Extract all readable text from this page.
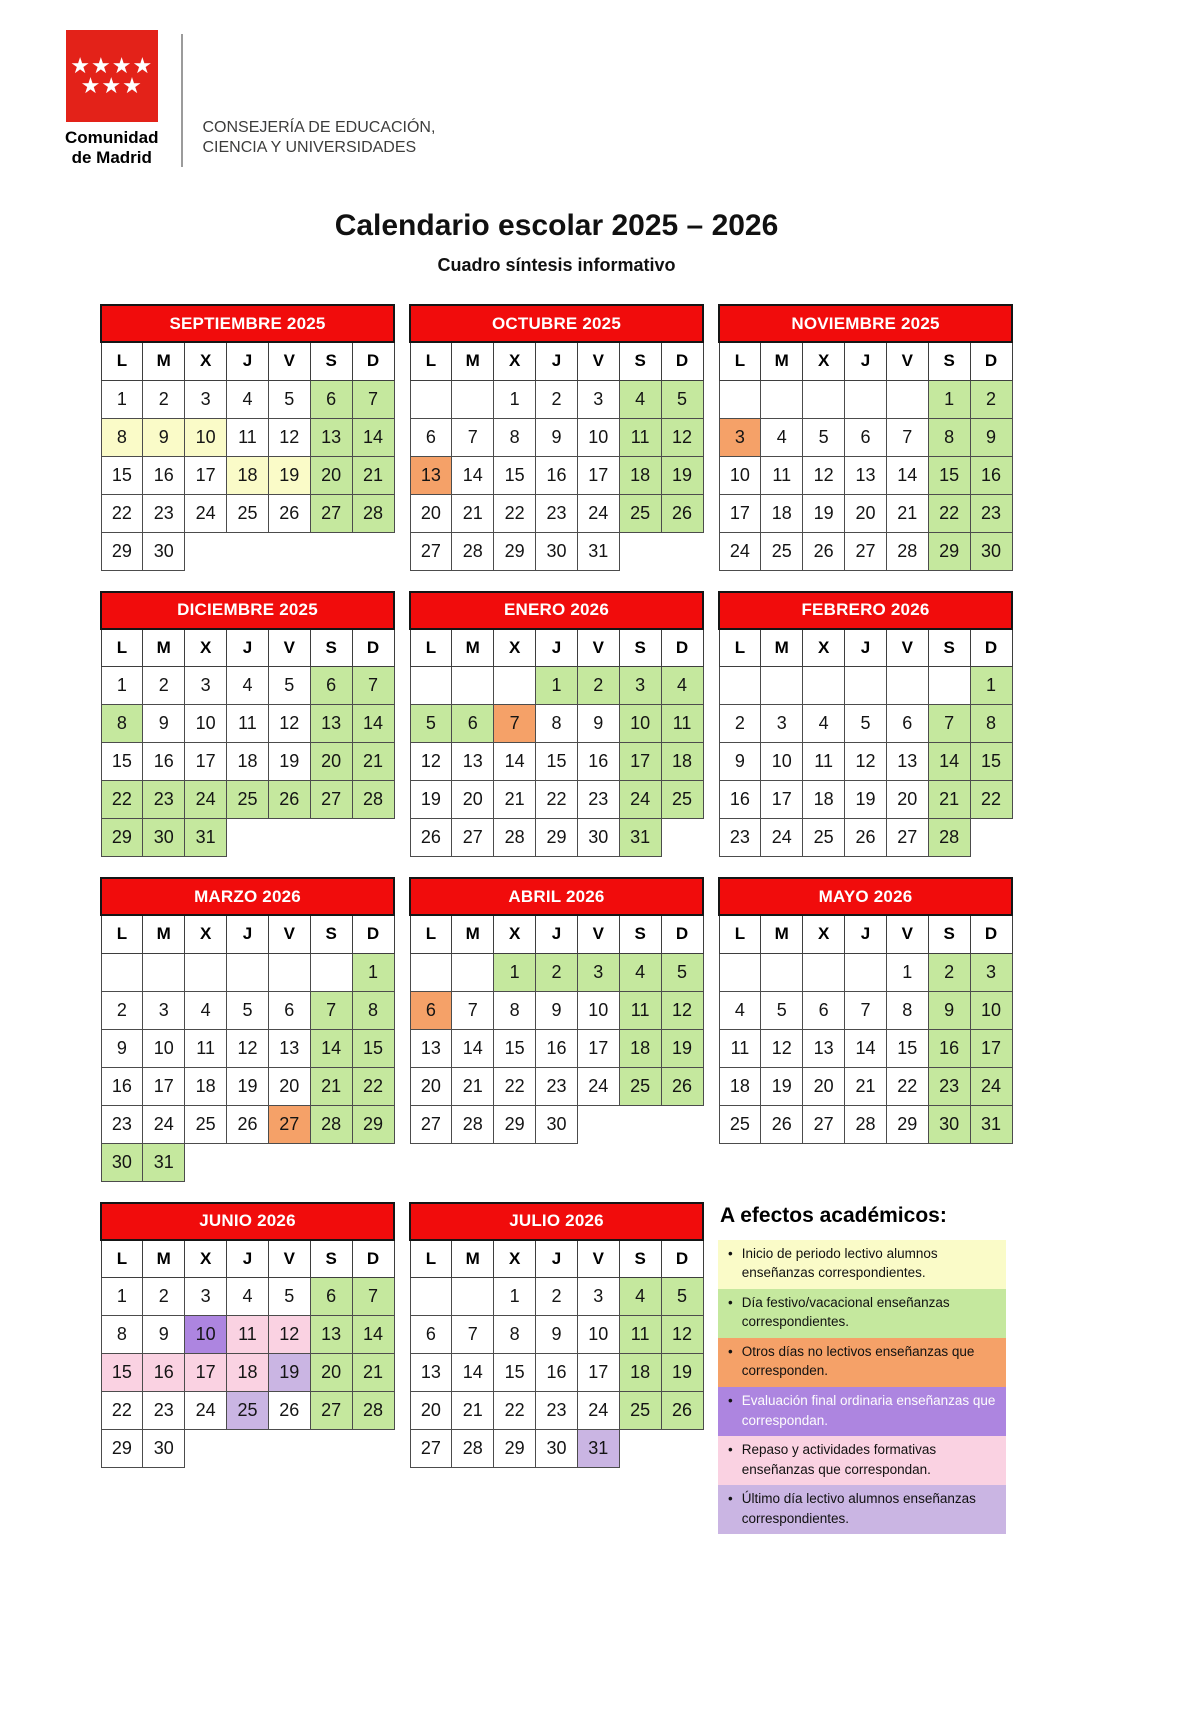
★★★★
★★★
Comunidad
de Madrid
CONSEJERÍA DE EDUCACIÓN,
CIENCIA Y UNIVERSIDADES
Calendario escolar 2025 – 2026
Cuadro síntesis informativo
A efectos académicos:
• Inicio de periodo lectivo alumnos enseñanzas correspondientes.
• Día festivo/vacacional enseñanzas correspondientes.
• Otros días no lectivos enseñanzas que corresponden.
• Evaluación final ordinaria enseñanzas que correspondan.
• Repaso y actividades formativas enseñanzas que correspondan.
• Último día lectivo alumnos enseñanzas correspondientes.
SEPTIEMBRE 2025						
L	M	X	J	V	S	D
1	2	3	4	5	6	7
8	9	10	11	12	13	14
15	16	17	18	19	20	21
22	23	24	25	26	27	28
29	30					
OCTUBRE 2025						
L	M	X	J	V	S	D
		1	2	3	4	5
6	7	8	9	10	11	12
13	14	15	16	17	18	19
20	21	22	23	24	25	26
27	28	29	30	31		
NOVIEMBRE 2025						
L	M	X	J	V	S	D
					1	2
3	4	5	6	7	8	9
10	11	12	13	14	15	16
17	18	19	20	21	22	23
24	25	26	27	28	29	30
DICIEMBRE 2025						
L	M	X	J	V	S	D
1	2	3	4	5	6	7
8	9	10	11	12	13	14
15	16	17	18	19	20	21
22	23	24	25	26	27	28
29	30	31				
ENERO 2026						
L	M	X	J	V	S	D
			1	2	3	4
5	6	7	8	9	10	11
12	13	14	15	16	17	18
19	20	21	22	23	24	25
26	27	28	29	30	31	
FEBRERO 2026						
L	M	X	J	V	S	D
						1
2	3	4	5	6	7	8
9	10	11	12	13	14	15
16	17	18	19	20	21	22
23	24	25	26	27	28	
MARZO 2026						
L	M	X	J	V	S	D
						1
2	3	4	5	6	7	8
9	10	11	12	13	14	15
16	17	18	19	20	21	22
23	24	25	26	27	28	29
30	31					
ABRIL 2026						
L	M	X	J	V	S	D
		1	2	3	4	5
6	7	8	9	10	11	12
13	14	15	16	17	18	19
20	21	22	23	24	25	26
27	28	29	30			
MAYO 2026						
L	M	X	J	V	S	D
				1	2	3
4	5	6	7	8	9	10
11	12	13	14	15	16	17
18	19	20	21	22	23	24
25	26	27	28	29	30	31
JUNIO 2026						
L	M	X	J	V	S	D
1	2	3	4	5	6	7
8	9	10	11	12	13	14
15	16	17	18	19	20	21
22	23	24	25	26	27	28
29	30					
JULIO 2026						
L	M	X	J	V	S	D
		1	2	3	4	5
6	7	8	9	10	11	12
13	14	15	16	17	18	19
20	21	22	23	24	25	26
27	28	29	30	31		
